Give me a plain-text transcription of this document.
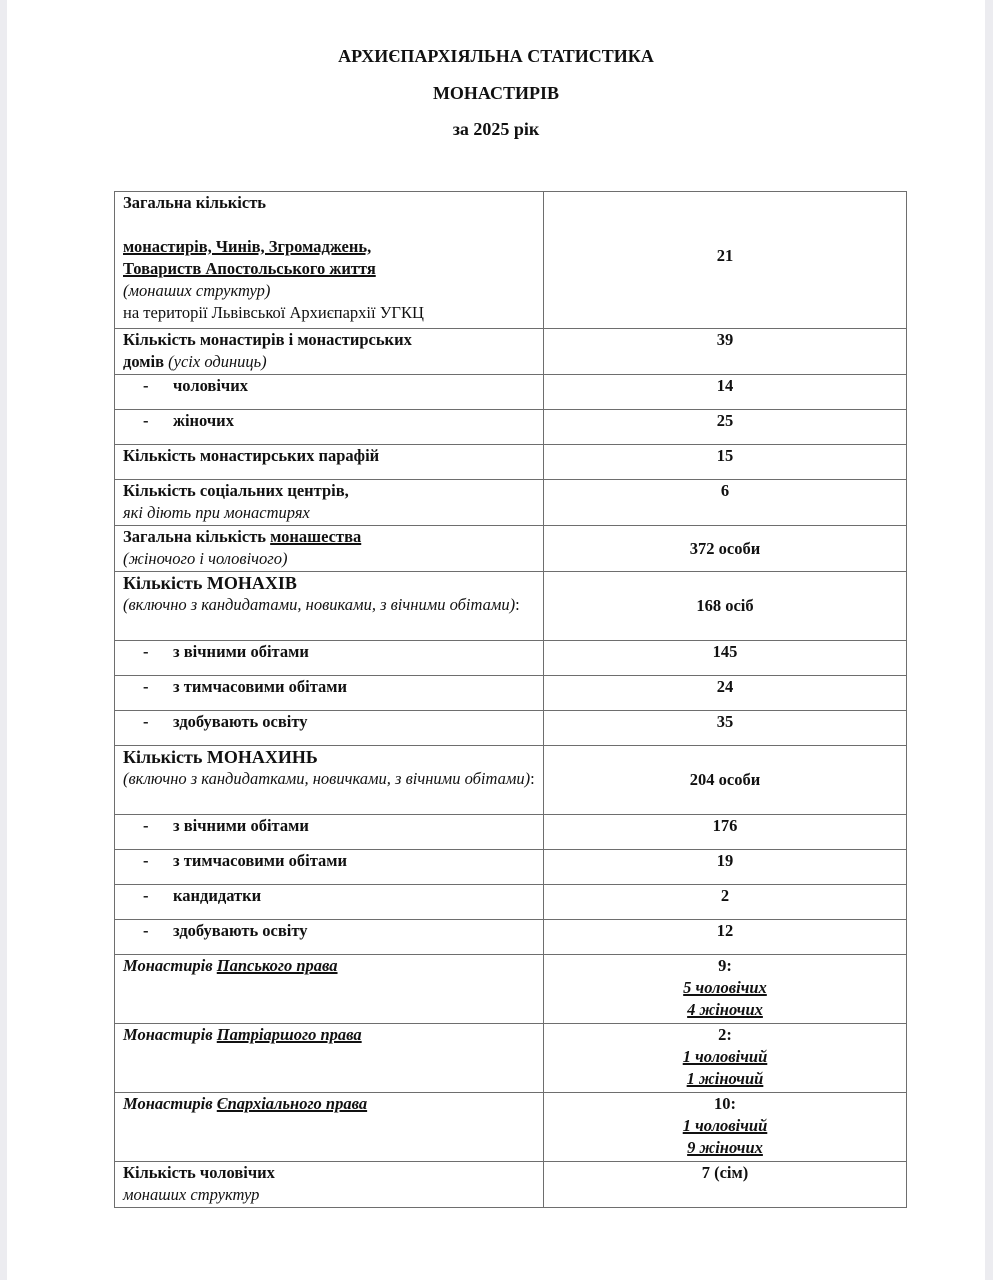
АРХИЄПАРХІЯЛЬНА СТАТИСТИКА
МОНАСТИРІВ
за 2025 рік
Загальна кількість
монастирів, Чинів, Згромаджень,
Товариств Апостольського життя
(монаших структур)
на території Львівської Архиєпархії УГКЦ	21

Кількість монастирів і монастирських
домів (усіх одиниць)	39
- чоловічих	14
- жіночих	25
Кількість монастирських парафій	15

Кількість соціальних центрів,
які діють при монастирях	6

Загальна кількість монашества
(жіночого і чоловічого)	372 особи

Кількість МОНАХІВ
(включно з кандидатами, новиками, з вічними обітами):	168 осіб
- з вічними обітами	145
- з тимчасовими обітами	24
- здобувають освіту	35

Кількість МОНАХИНЬ
(включно з кандидатками, новичками, з вічними обітами):	204 особи
- з вічними обітами	176
- з тимчасовими обітами	19
- кандидатки	2
- здобувають освіту	12
Монастирів Папського права	9:
5 чоловічих
4 жіночих

Монастирів Патріаршого права	2:
1 чоловічий
1 жіночий

Монастирів Єпархіального права	10:
1 чоловічий
9 жіночих

Кількість чоловічих
монаших структур	7 (сім)
